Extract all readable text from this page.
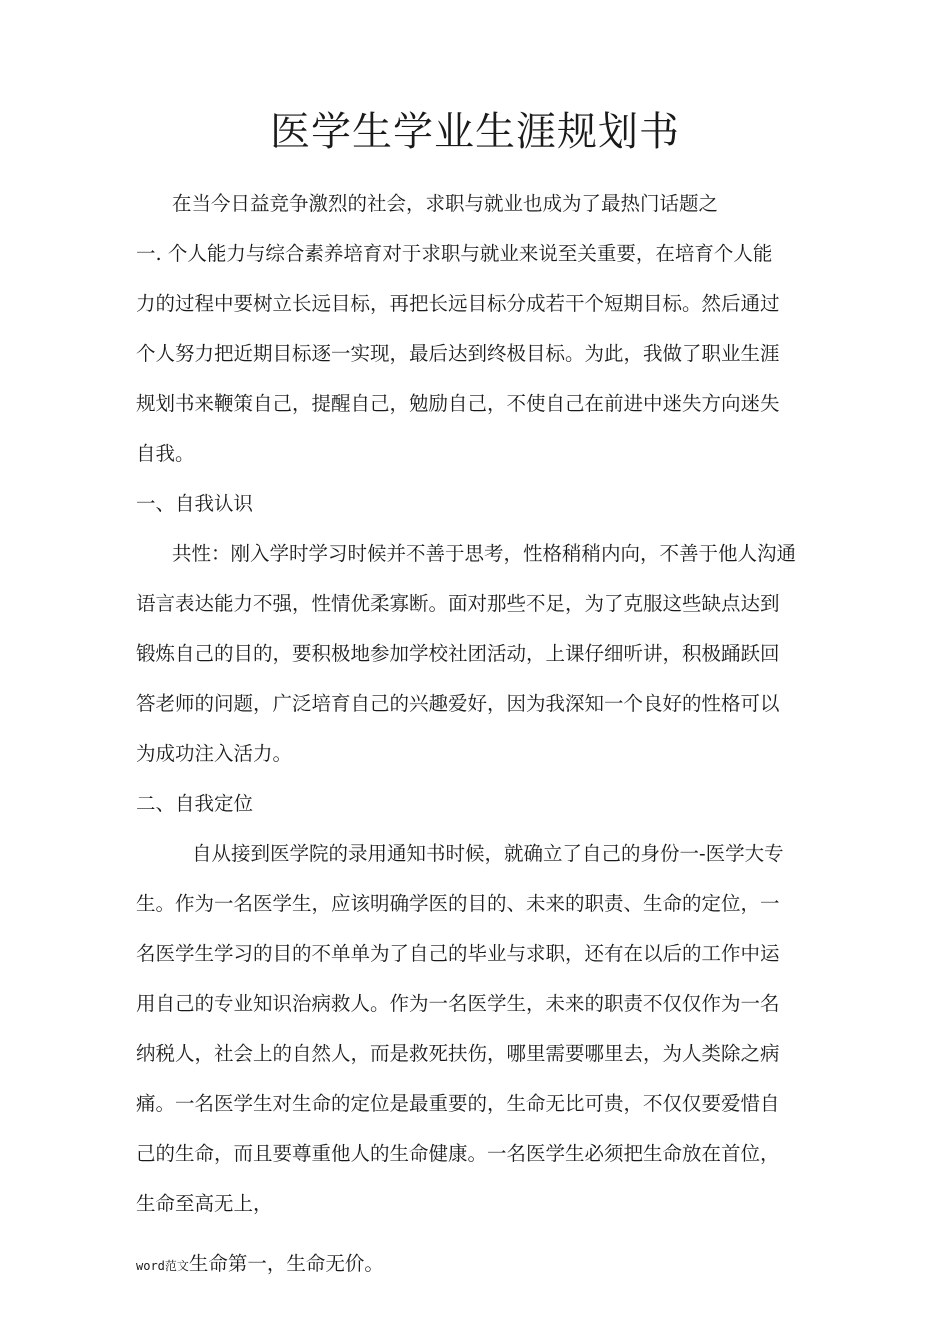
医学生学业生涯规划书
在当今日益竞争激烈的社会，求职与就业也成为了最热门话题之
一. 个人能力与综合素养培育对于求职与就业来说至关重要，在培育个人能
力的过程中要树立长远目标，再把长远目标分成若干个短期目标。然后通过
个人努力把近期目标逐一实现，最后达到终极目标。为此，我做了职业生涯
规划书来鞭策自己，提醒自己，勉励自己，不使自己在前进中迷失方向迷失
自我。
一、自我认识
共性：刚入学时学习时候并不善于思考，性格稍稍内向，不善于他人沟通
语言表达能力不强，性情优柔寡断。面对那些不足，为了克服这些缺点达到
锻炼自己的目的，要积极地参加学校社团活动，上课仔细听讲，积极踊跃回
答老师的问题，广泛培育自己的兴趣爱好，因为我深知一个良好的性格可以
为成功注入活力。
二、自我定位
自从接到医学院的录用通知书时候，就确立了自己的身份一-医学大专
生。作为一名医学生，应该明确学医的目的、未来的职责、生命的定位，一
名医学生学习的目的不单单为了自己的毕业与求职，还有在以后的工作中运
用自己的专业知识治病救人。作为一名医学生，未来的职责不仅仅作为一名
纳税人，社会上的自然人，而是救死扶伤，哪里需要哪里去，为人类除之病
痛。一名医学生对生命的定位是最重要的，生命无比可贵，不仅仅要爱惜自
己的生命，而且要尊重他人的生命健康。一名医学生必须把生命放在首位，
生命至高无上，
word范文生命第一，生命无价。
